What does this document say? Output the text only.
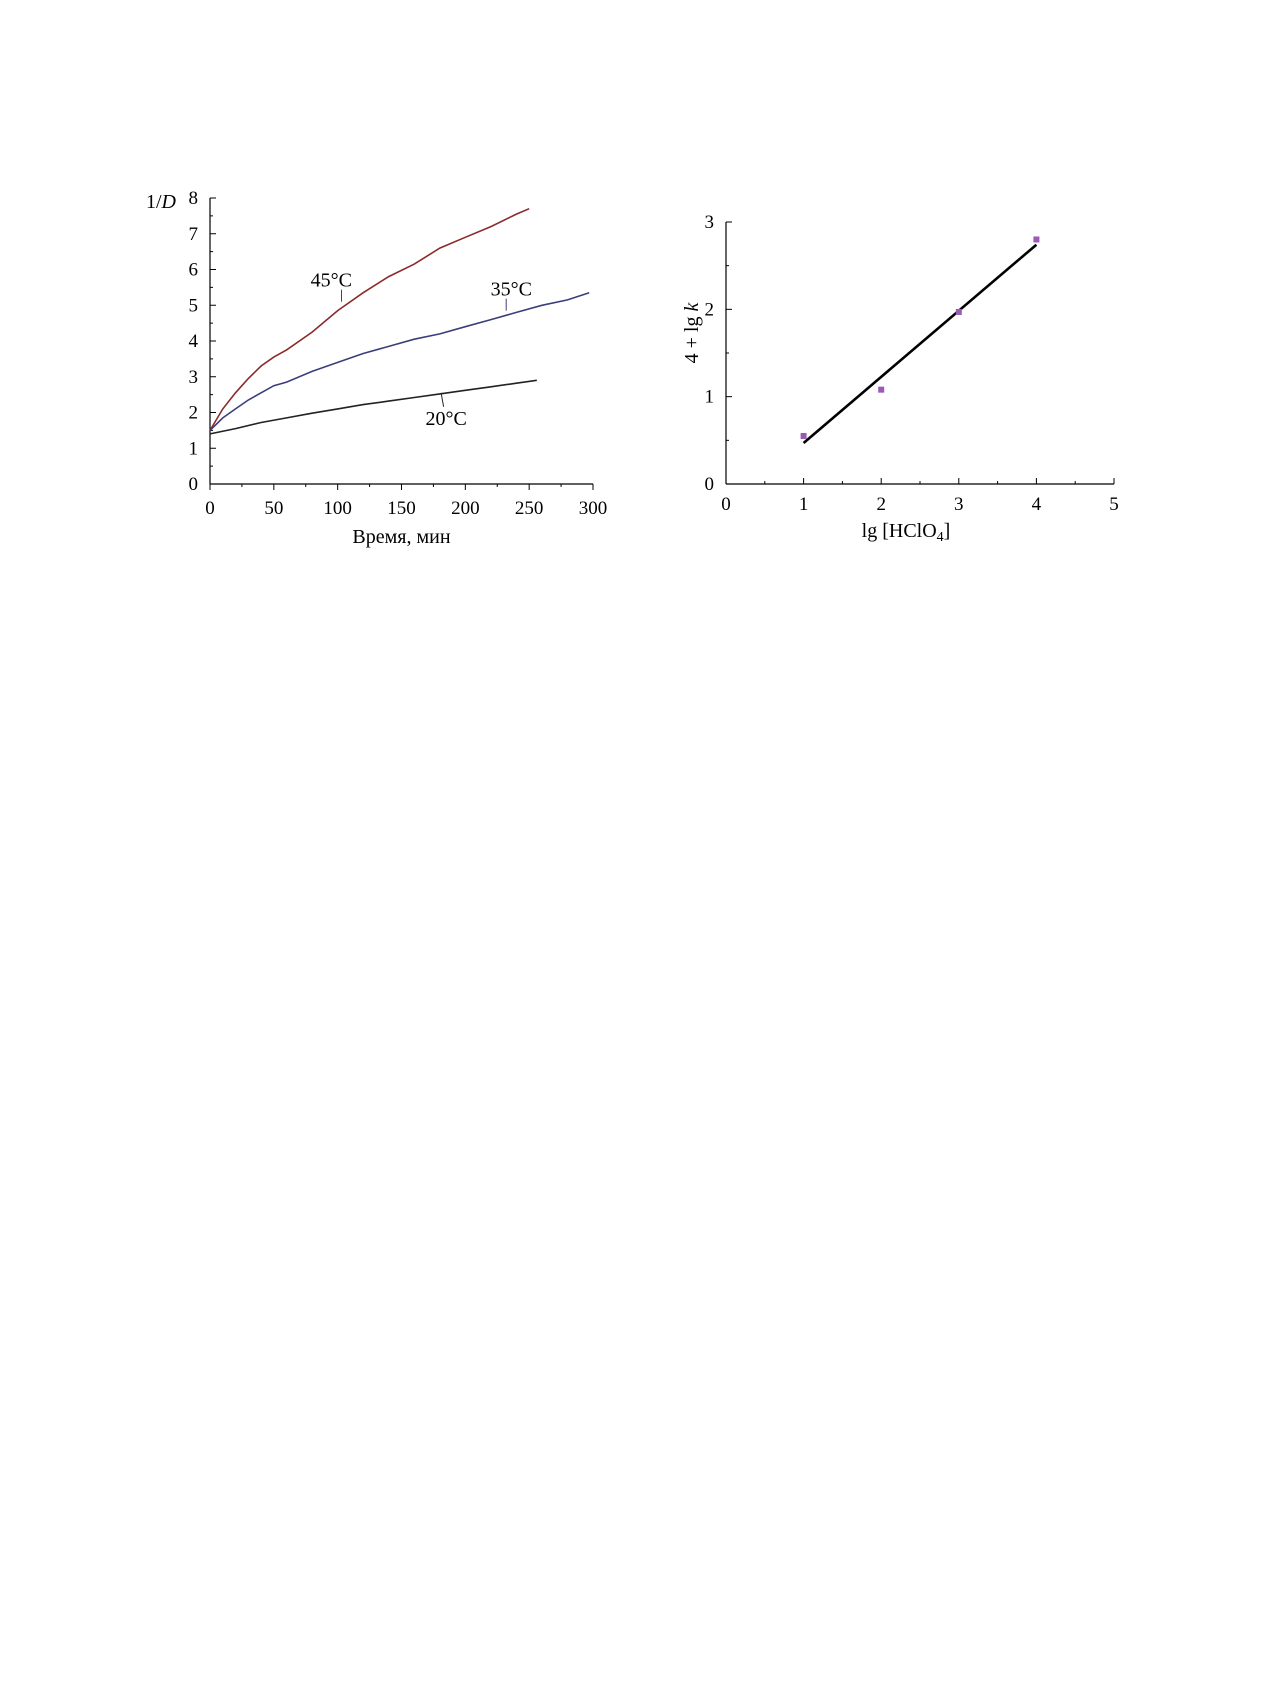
0
1
2
3
4
5
6
7
8
0	50 100 150 200 250 300
45°C	35°C
20°C
Время, мин
1/D
0
1
2
3
0	1	2	3	4	5
lg [HClO$_4$]
4 + lg k
